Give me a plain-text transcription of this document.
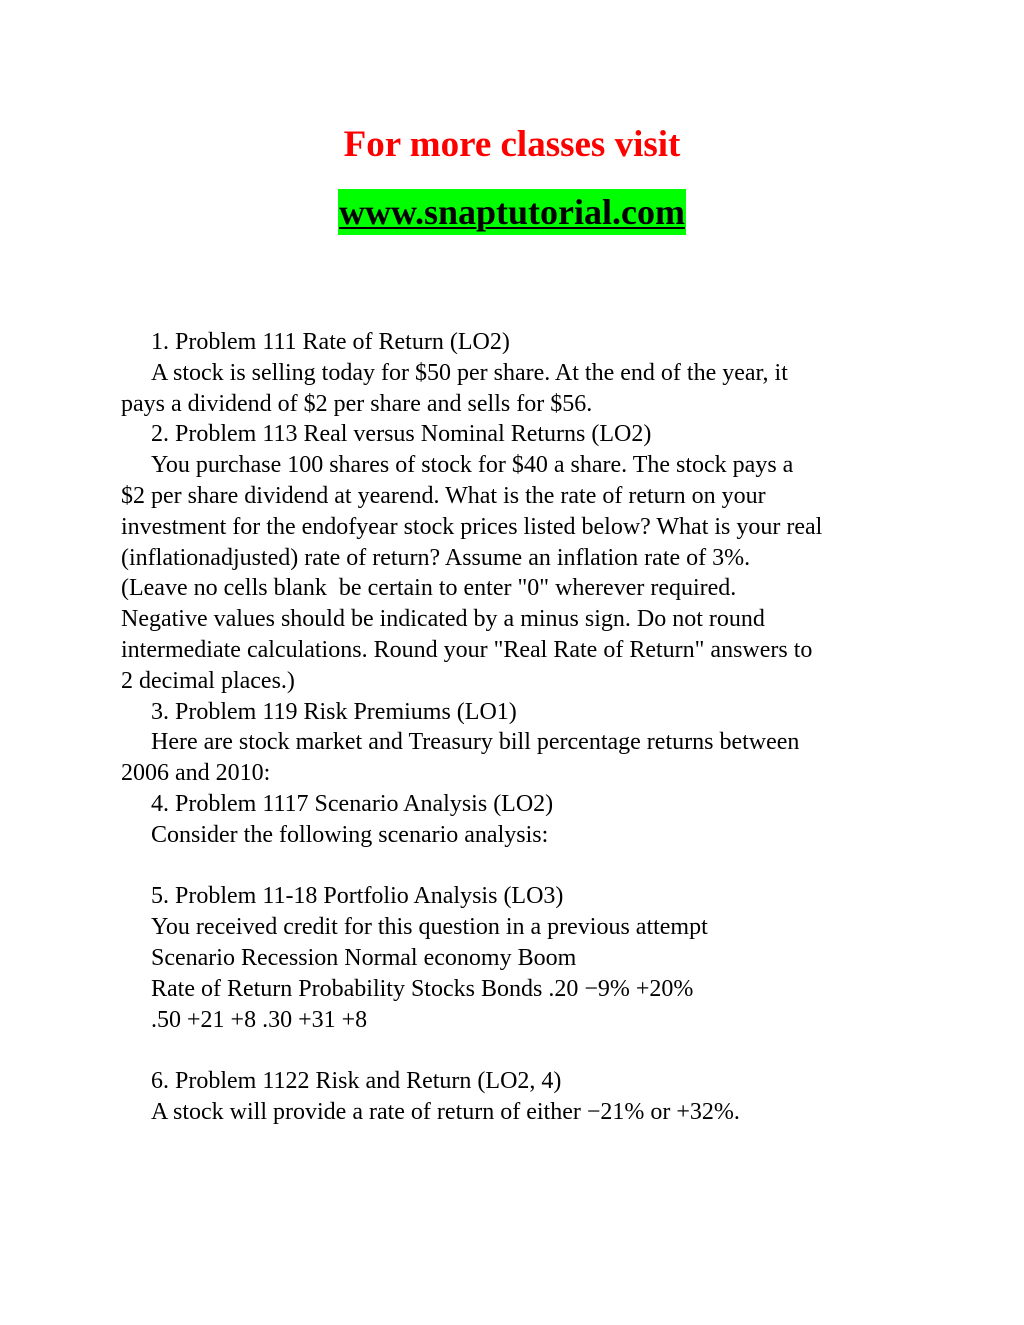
For more classes visit
www.snaptutorial.com
1. Problem 111 Rate of Return (LO2)
A stock is selling today for $50 per share. At the end of the year, it
pays a dividend of $2 per share and sells for $56.
2. Problem 113 Real versus Nominal Returns (LO2)
You purchase 100 shares of stock for $40 a share. The stock pays a
$2 per share dividend at yearend. What is the rate of return on your
investment for the endofyear stock prices listed below? What is your real
(inflationadjusted) rate of return? Assume an inflation rate of 3%.
(Leave no cells blank  be certain to enter "0" wherever required.
Negative values should be indicated by a minus sign. Do not round
intermediate calculations. Round your "Real Rate of Return" answers to
2 decimal places.)
3. Problem 119 Risk Premiums (LO1)
Here are stock market and Treasury bill percentage returns between
2006 and 2010:
4. Problem 1117 Scenario Analysis (LO2)
Consider the following scenario analysis:
5. Problem 11-18 Portfolio Analysis (LO3)
You received credit for this question in a previous attempt
Scenario Recession Normal economy Boom
Rate of Return Probability Stocks Bonds .20 −9% +20%
.50 +21 +8 .30 +31 +8
6. Problem 1122 Risk and Return (LO2, 4)
A stock will provide a rate of return of either −21% or +32%.
